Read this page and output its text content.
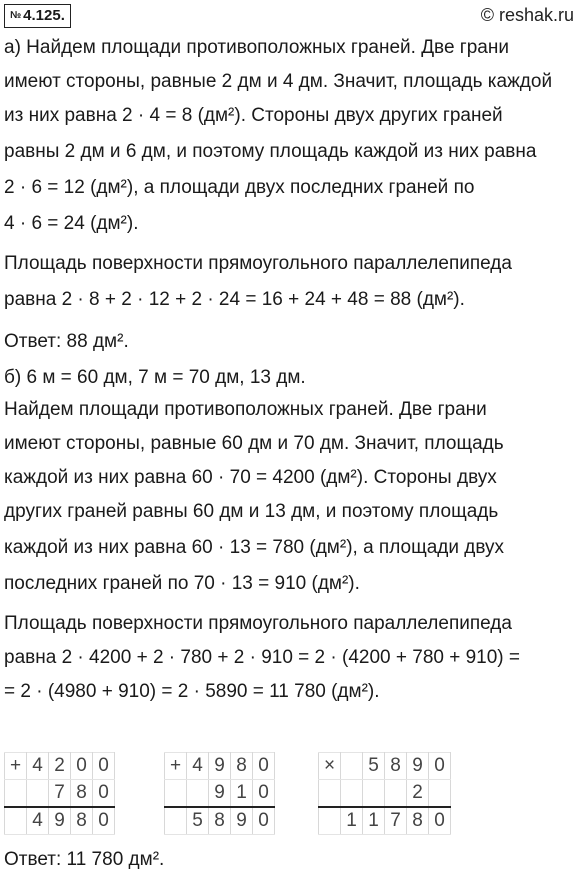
№ 4.125.	© reshak.ru
а) Найдем площади противоположных граней. Две грани
имеют стороны, равные 2 дм и 4 дм. Значит, площадь каждой
из них равна 2 · 4 = 8 (дм²). Стороны двух других граней
равны 2 дм и 6 дм, и поэтому площадь каждой из них равна
2 · 6 = 12 (дм²), а площади двух последних граней по
4 · 6 = 24 (дм²).
Площадь поверхности прямоугольного параллелепипеда
равна 2 · 8 + 2 · 12 + 2 · 24 = 16 + 24 + 48 = 88 (дм²).
Ответ: 88 дм².
б) 6 м = 60 дм, 7 м = 70 дм, 13 дм.
Найдем площади противоположных граней. Две грани
имеют стороны, равные 60 дм и 70 дм. Значит, площадь
каждой из них равна 60 · 70 = 4200 (дм²). Стороны двух
других граней равны 60 дм и 13 дм, и поэтому площадь
каждой из них равна 60 · 13 = 780 (дм²), а площади двух
последних граней по 70 · 13 = 910 (дм²).
Площадь поверхности прямоугольного параллелепипеда
равна 2 · 4200 + 2 · 780 + 2 · 910 = 2 · (4200 + 780 + 910) =
= 2 · (4980 + 910) = 2 · 5890 = 11 780 (дм²).
+	4	2	0	0
		7	8	0
	4	9	8	0
+	4	9	8	0
		9	1	0
	5	8	9	0
×		5	8	9	0
				2	
	1	1	7	8	0
Ответ: 11 780 дм².
